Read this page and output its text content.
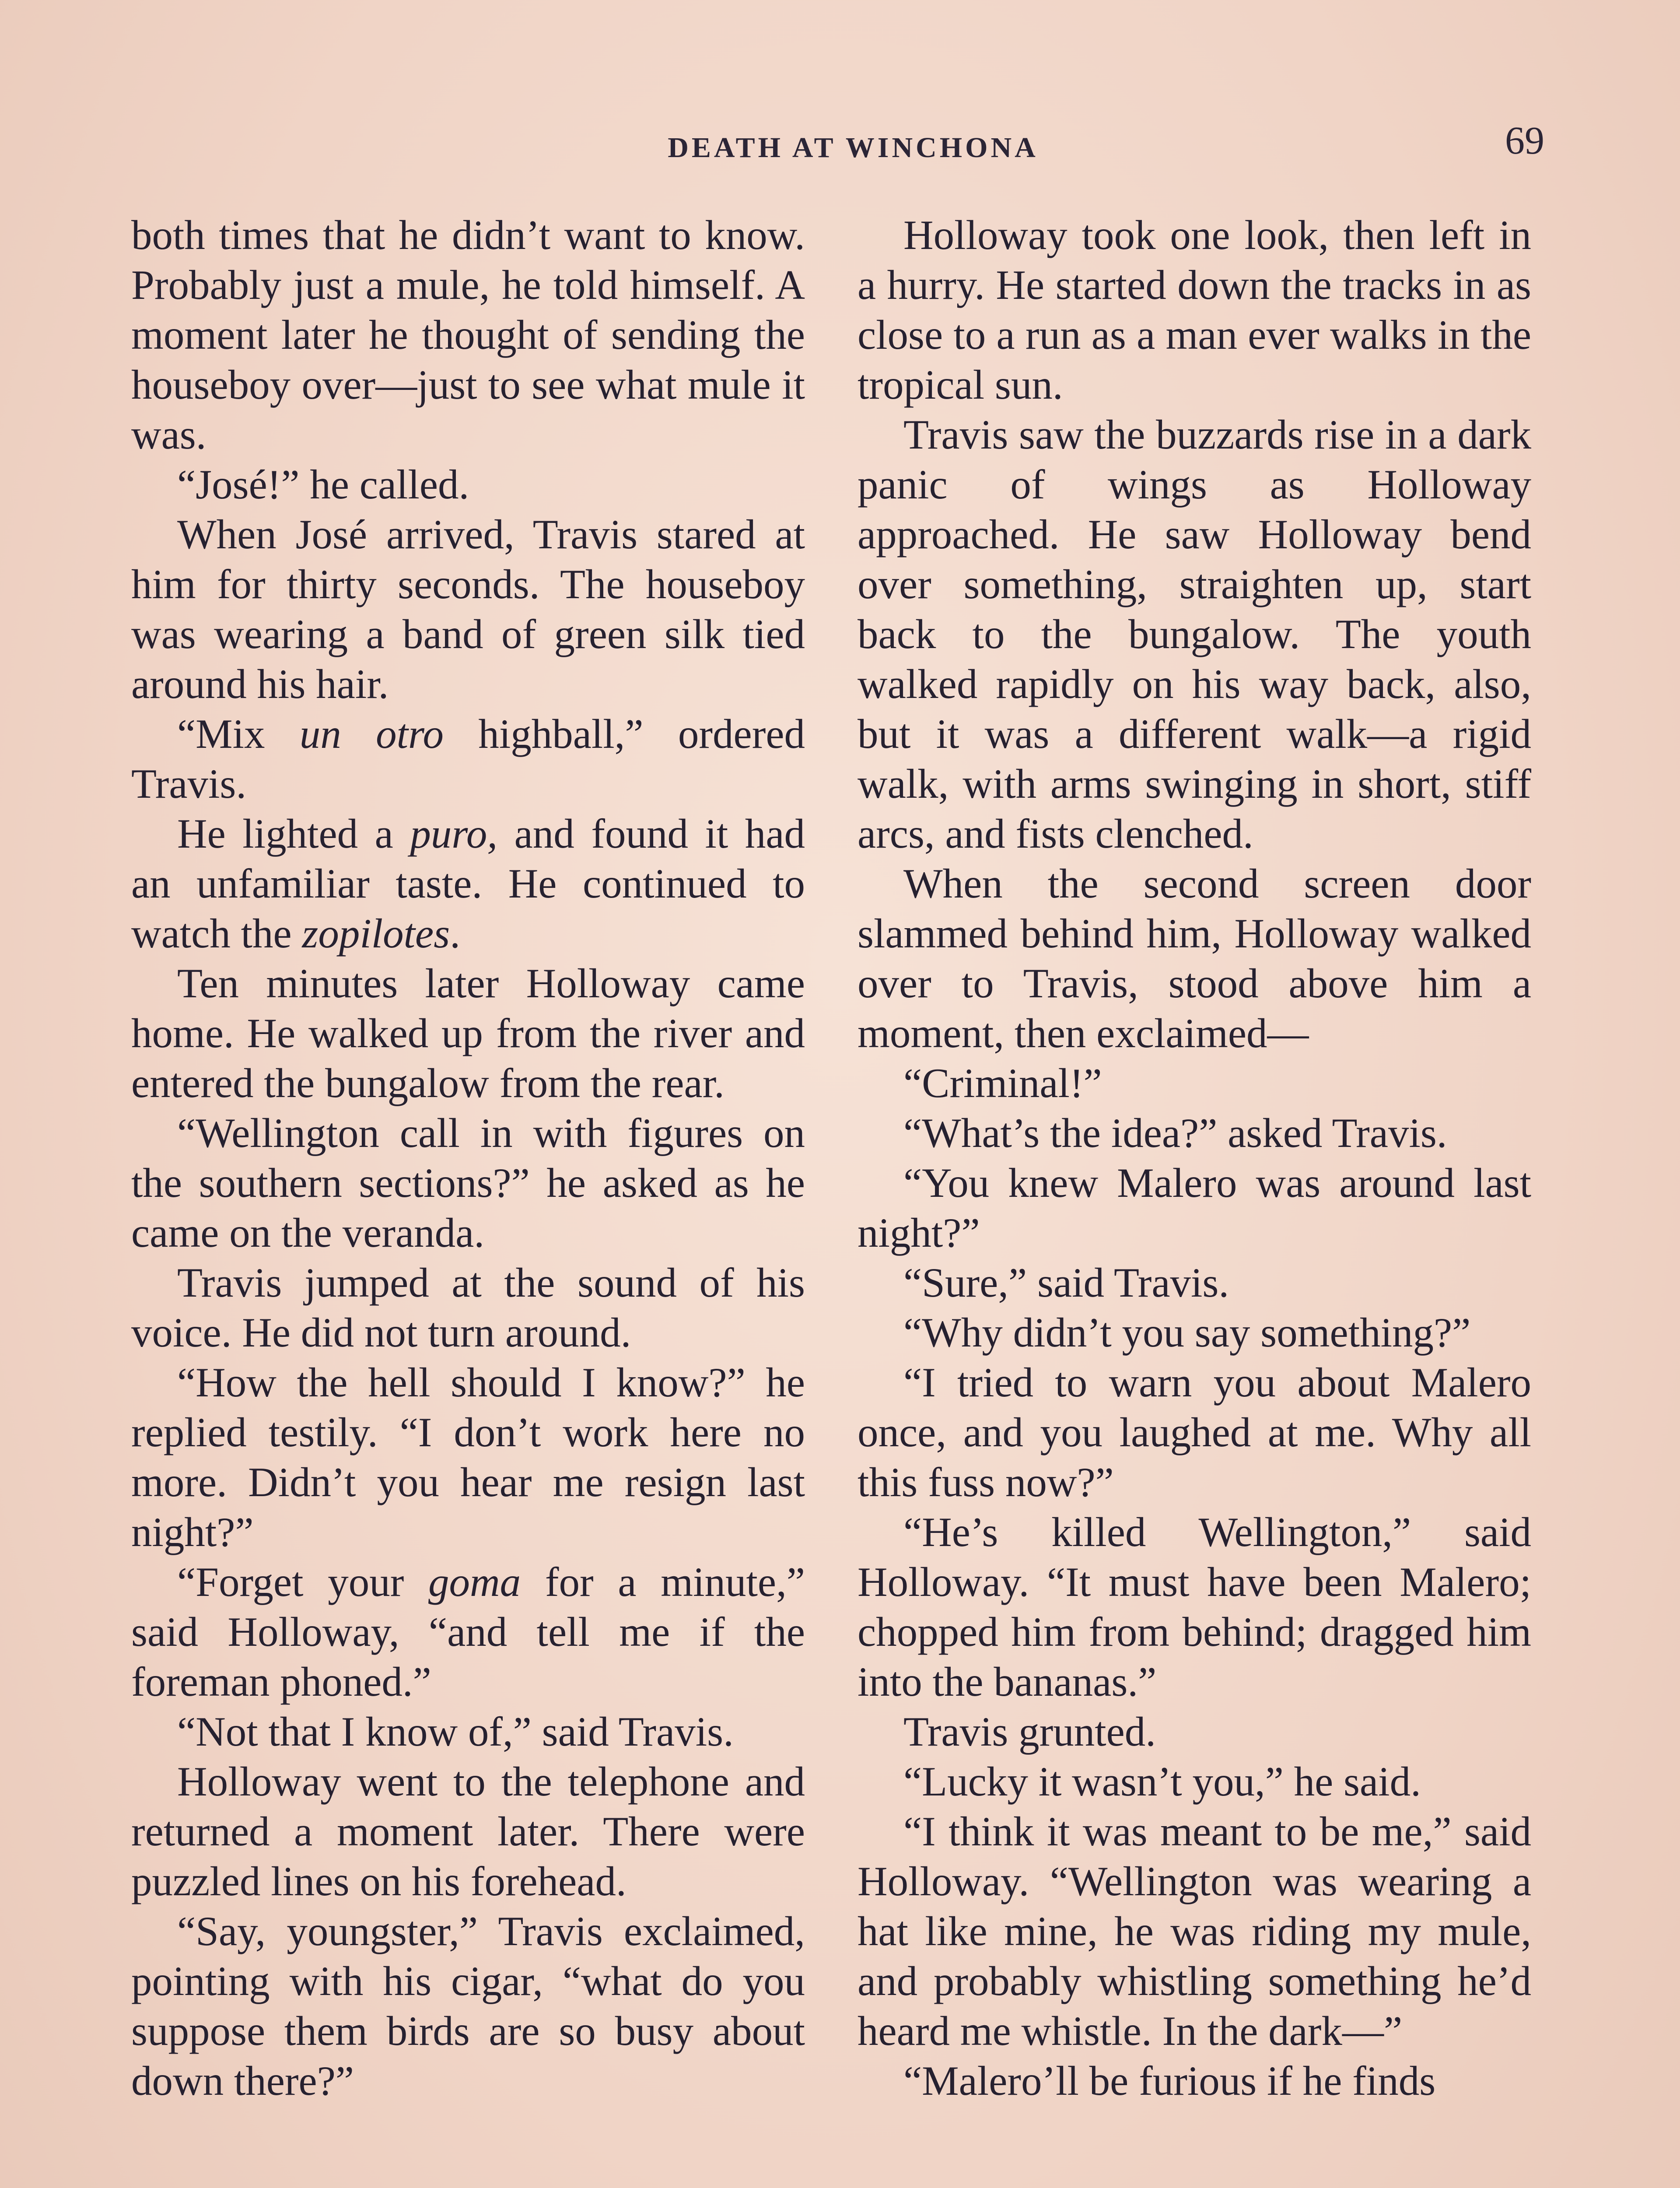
DEATH AT WINCHONA	69

both times that he didn’t want to know. Probably just a mule, he told himself. A moment later he thought of sending the houseboy over—just to see what mule it was.

“José!” he called.

When José arrived, Travis stared at him for thirty seconds. The houseboy was wearing a band of green silk tied around his hair.

“Mix un otro highball,” ordered Travis.

He lighted a puro, and found it had an unfamiliar taste. He continued to watch the zopilotes.

Ten minutes later Holloway came home. He walked up from the river and entered the bungalow from the rear.

“Wellington call in with figures on the southern sections?” he asked as he came on the veranda.

Travis jumped at the sound of his voice. He did not turn around.

“How the hell should I know?” he replied testily. “I don’t work here no more. Didn’t you hear me resign last night?”

“Forget your goma for a minute,” said Holloway, “and tell me if the foreman phoned.”

“Not that I know of,” said Travis.

Holloway went to the telephone and returned a moment later. There were puzzled lines on his forehead.

“Say, youngster,” Travis exclaimed, pointing with his cigar, “what do you suppose them birds are so busy about down there?”

Holloway took one look, then left in a hurry. He started down the tracks in as close to a run as a man ever walks in the tropical sun.

Travis saw the buzzards rise in a dark panic of wings as Holloway approached. He saw Holloway bend over something, straighten up, start back to the bungalow. The youth walked rapidly on his way back, also, but it was a different walk—a rigid walk, with arms swinging in short, stiff arcs, and fists clenched.

When the second screen door slammed behind him, Holloway walked over to Travis, stood above him a moment, then exclaimed—

“Criminal!”

“What’s the idea?” asked Travis.

“You knew Malero was around last night?”

“Sure,” said Travis.

“Why didn’t you say something?”

“I tried to warn you about Malero once, and you laughed at me. Why all this fuss now?”

“He’s killed Wellington,” said Holloway. “It must have been Malero; chopped him from behind; dragged him into the bananas.”

Travis grunted.

“Lucky it wasn’t you,” he said.

“I think it was meant to be me,” said Holloway. “Wellington was wearing a hat like mine, he was riding my mule, and probably whistling something he’d heard me whistle. In the dark—”

“Malero’ll be furious if he finds
